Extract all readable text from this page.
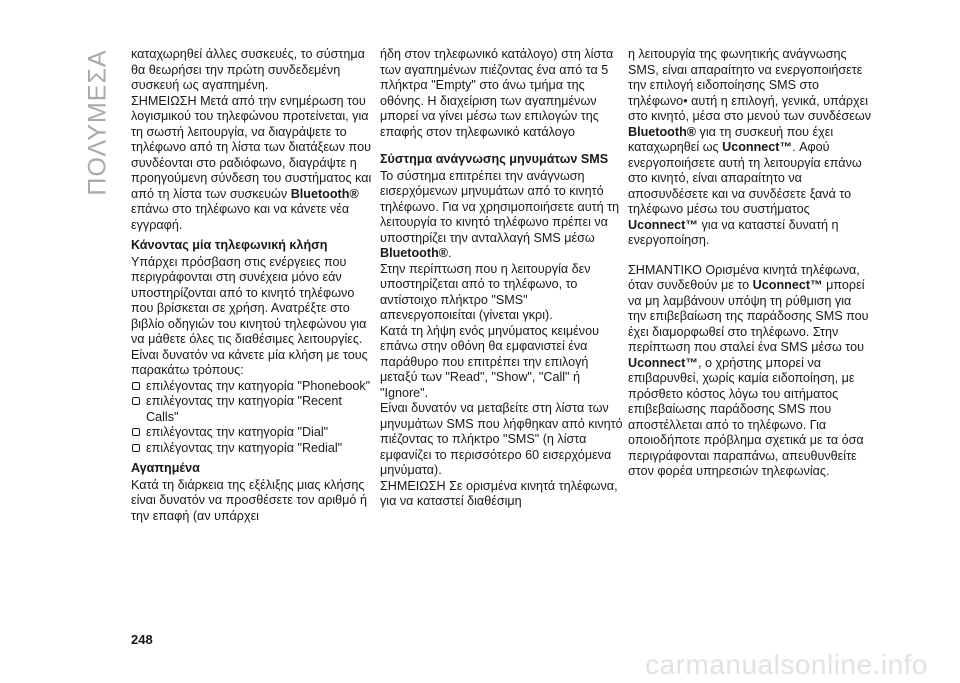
ΠΟΛΥΜΕΣΑ καταχωρηθεί άλλες συσκευές, το σύστημα θα θεωρήσει την πρώτη συνδεδεμένη συσκευή ως αγαπημένη.

ΣΗΜΕΙΩΣΗ Μετά από την ενημέρωση του λογισμικού του τηλεφώνου προτείνεται, για τη σωστή λειτουργία, να διαγράψετε το τηλέφωνο από τη λίστα των διατάξεων που συνδέονται στο ραδιόφωνο, διαγράψτε η προηγούμενη σύνδεση του συστήματος και από τη λίστα των συσκευών Bluetooth® επάνω στο τηλέφωνο και να κάνετε νέα εγγραφή.

Κάνοντας μία τηλεφωνική κλήση

Υπάρχει πρόσβαση στις ενέργειες που περιγράφονται στη συνέχεια μόνο εάν υποστηρίζονται από το κινητό τηλέφωνο που βρίσκεται σε χρήση. Ανατρέξτε στο βιβλίο οδηγιών του κινητού τηλεφώνου για να μάθετε όλες τις διαθέσιμες λειτουργίες.

Είναι δυνατόν να κάνετε μία κλήση με τους παρακάτω τρόπους:

επιλέγοντας την κατηγορία "Phonebook"
επιλέγοντας την κατηγορία "Recent Calls"
επιλέγοντας την κατηγορία "Dial"
επιλέγοντας την κατηγορία "Redial"
Αγαπημένα

Κατά τη διάρκεια της εξέλιξης μιας κλήσης είναι δυνατόν να προσθέσετε τον αριθμό ή την επαφή (αν υπάρχει

ήδη στον τηλεφωνικό κατάλογο) στη λίστα των αγαπημένων πιέζοντας ένα από τα 5 πλήκτρα "Empty" στο άνω τμήμα της οθόνης. Η διαχείριση των αγαπημένων μπορεί να γίνει μέσω των επιλογών της επαφής στον τηλεφωνικό κατάλογο

Σύστημα ανάγνωσης μηνυμάτων SMS

Το σύστημα επιτρέπει την ανάγνωση εισερχόμενων μηνυμάτων από το κινητό τηλέφωνο. Για να χρησιμοποιήσετε αυτή τη λειτουργία το κινητό τηλέφωνο πρέπει να υποστηρίζει την ανταλλαγή SMS μέσω Bluetooth®.

Στην περίπτωση που η λειτουργία δεν υποστηρίζεται από το τηλέφωνο, το αντίστοιχο πλήκτρο "SMS" απενεργοποιείται (γίνεται γκρι).

Κατά τη λήψη ενός μηνύματος κειμένου επάνω στην οθόνη θα εμφανιστεί ένα παράθυρο που επιτρέπει την επιλογή μεταξύ των "Read", "Show", "Call" ή "Ignore".

Είναι δυνατόν να μεταβείτε στη λίστα των μηνυμάτων SMS που λήφθηκαν από κινητό πιέζοντας το πλήκτρο "SMS" (η λίστα εμφανίζει το περισσότερο 60 εισερχόμενα μηνύματα).

ΣΗΜΕΙΩΣΗ Σε ορισμένα κινητά τηλέφωνα, για να καταστεί διαθέσιμη

η λειτουργία της φωνητικής ανάγνωσης SMS, είναι απαραίτητο να ενεργοποιήσετε την επιλογή ειδοποίησης SMS στο τηλέφωνο• αυτή η επιλογή, γενικά, υπάρχει στο κινητό, μέσα στο μενού των συνδέσεων Bluetooth® για τη συσκευή που έχει καταχωρηθεί ως Uconnect™. Αφού ενεργοποιήσετε αυτή τη λειτουργία επάνω στο κινητό, είναι απαραίτητο να αποσυνδέσετε και να συνδέσετε ξανά το τηλέφωνο μέσω του συστήματος Uconnect™ για να καταστεί δυνατή η ενεργοποίηση.

ΣΗΜΑΝΤΙΚΟ Ορισμένα κινητά τηλέφωνα, όταν συνδεθούν με το Uconnect™ μπορεί να μη λαμβάνουν υπόψη τη ρύθμιση για την επιβεβαίωση της παράδοσης SMS που έχει διαμορφωθεί στο τηλέφωνο. Στην περίπτωση που σταλεί ένα SMS μέσω του Uconnect™, ο χρήστης μπορεί να επιβαρυνθεί, χωρίς καμία ειδοποίηση, με πρόσθετο κόστος λόγω του αιτήματος επιβεβαίωσης παράδοσης SMS που αποστέλλεται από το τηλέφωνο. Για οποιοδήποτε πρόβλημα σχετικά με τα όσα περιγράφονται παραπάνω, απευθυνθείτε στον φορέα υπηρεσιών τηλεφωνίας.

248
carmanualsonline.info
